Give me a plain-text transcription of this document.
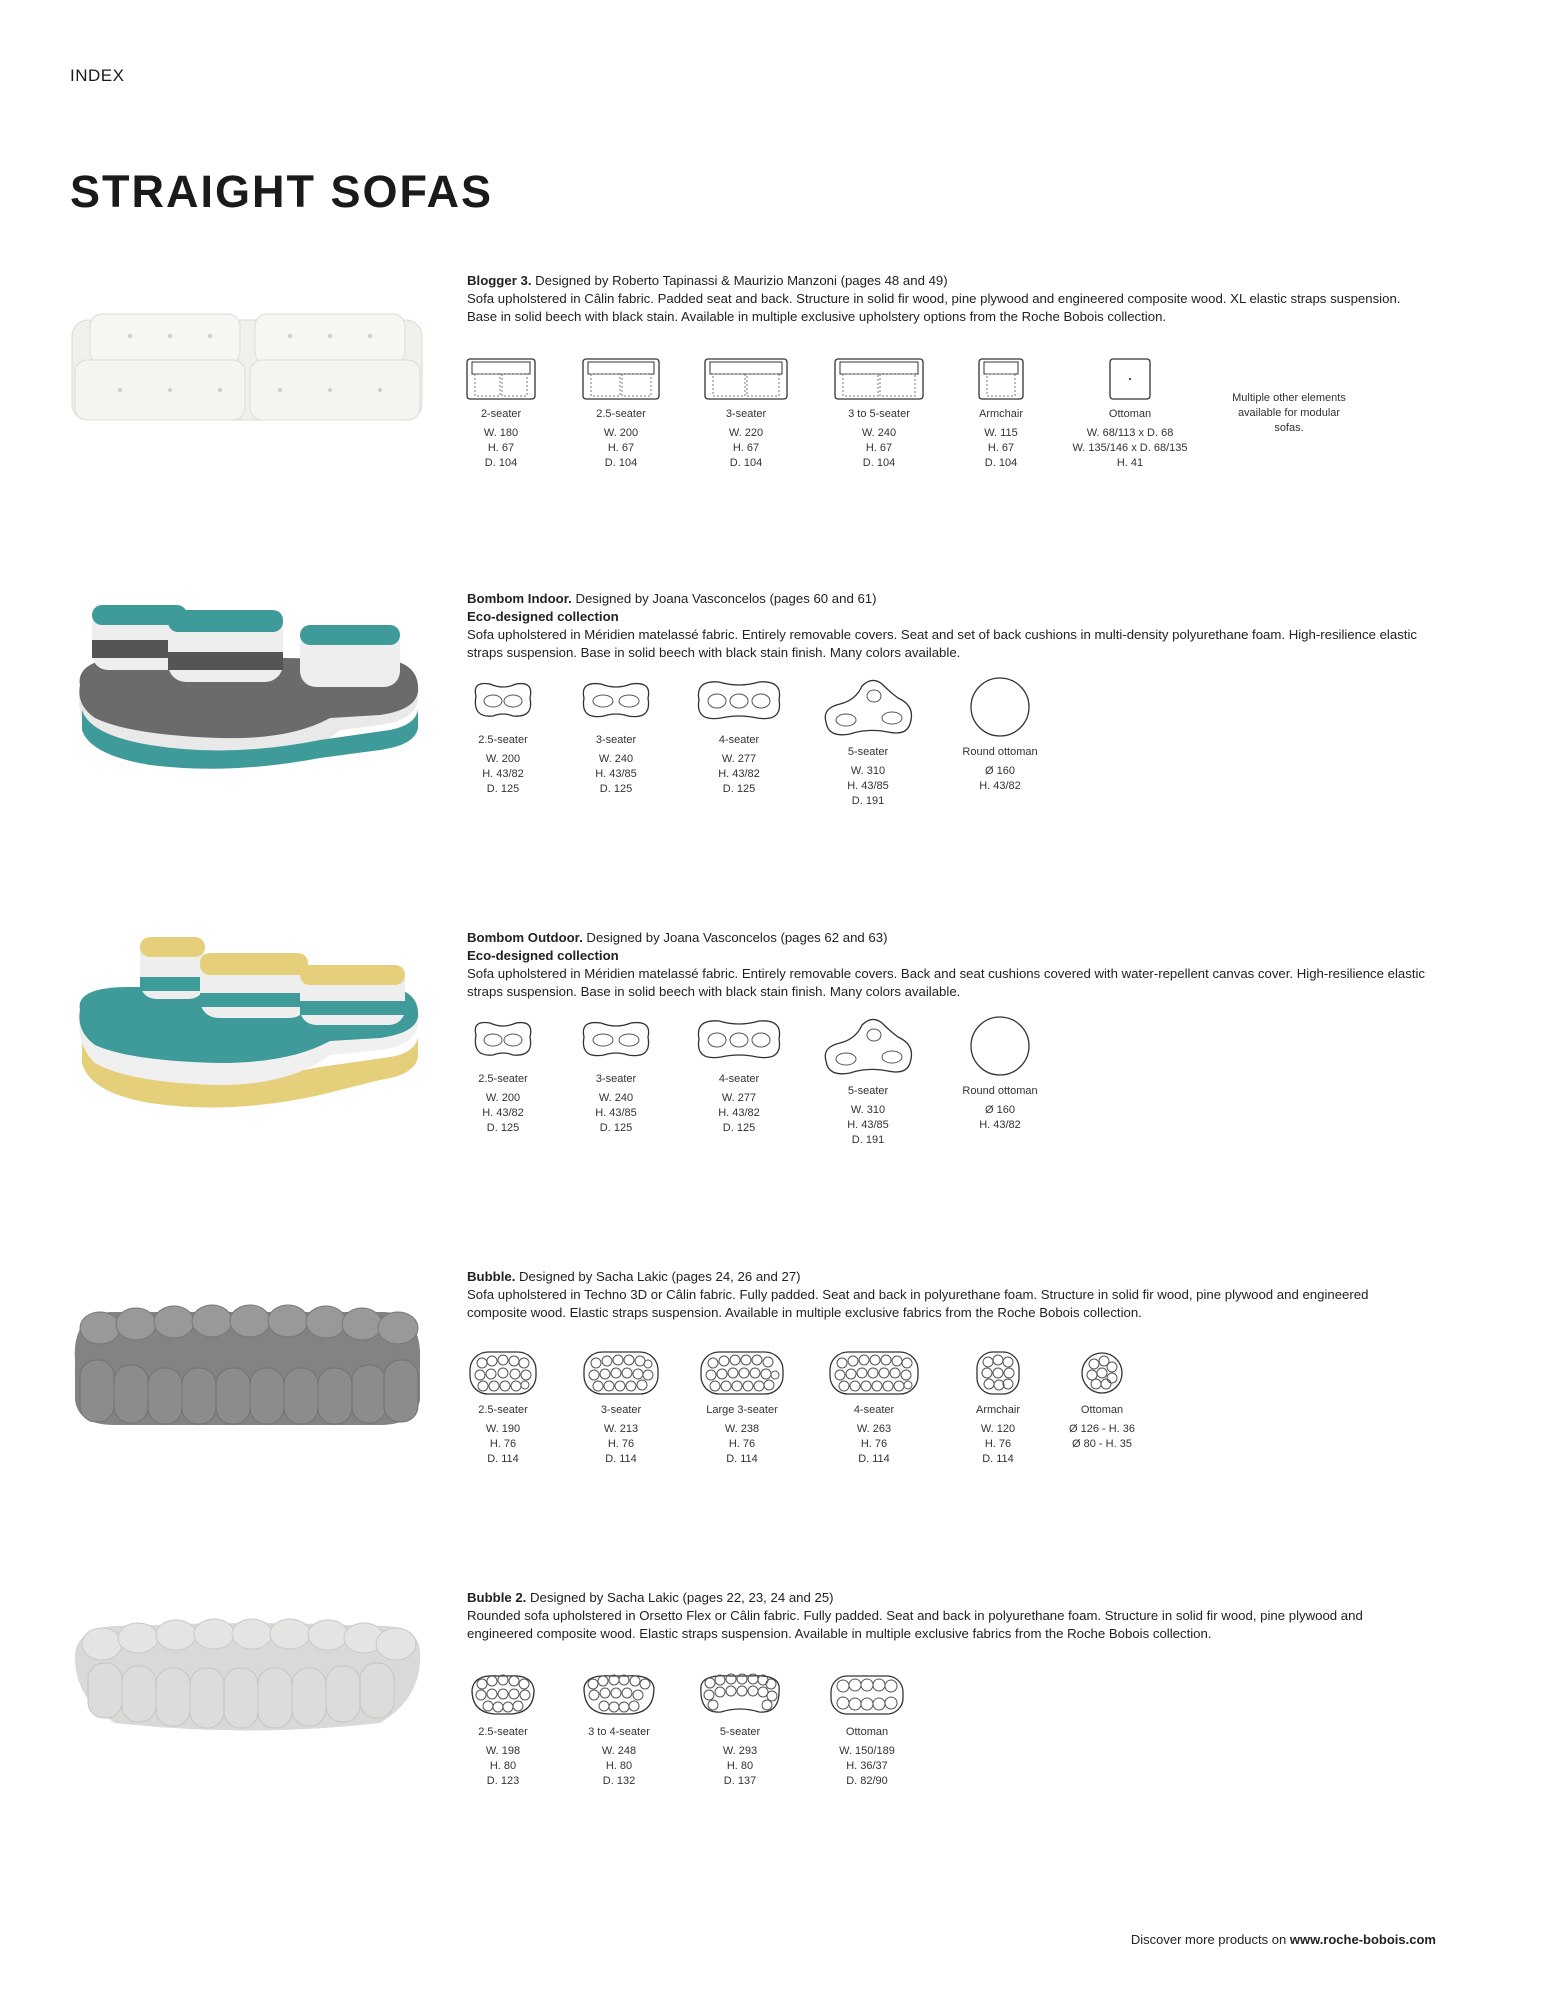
INDEX
STRAIGHT SOFAS
Blogger 3. Designed by Roberto Tapinassi & Maurizio Manzoni (pages 48 and 49)
Sofa upholstered in Câlin fabric. Padded seat and back. Structure in solid fir wood, pine plywood and engineered composite wood. XL elastic straps suspension. Base in solid beech with black stain. Available in multiple exclusive upholstery options from the Roche Bobois collection.
2-seater
W. 180
H. 67
D. 104
2.5-seater
W. 200
H. 67
D. 104
3-seater
W. 220
H. 67
D. 104
3 to 5-seater
W. 240
H. 67
D. 104
Armchair
W. 115
H. 67
D. 104
Ottoman
W. 68/113 x D. 68
W. 135/146 x D. 68/135
H. 41
Multiple other elements available for modular sofas.
Bombom Indoor. Designed by Joana Vasconcelos (pages 60 and 61)

Eco-designed collection
Sofa upholstered in Méridien matelassé fabric. Entirely removable covers. Seat and set of back cushions in multi-density polyurethane foam. High-resilience elastic straps suspension. Base in solid beech with black stain finish. Many colors available.
2.5-seater
W. 200
H. 43/82
D. 125
3-seater
W. 240
H. 43/85
D. 125
4-seater
W. 277
H. 43/82
D. 125
5-seater
W. 310
H. 43/85
D. 191
Round ottoman
Ø 160
H. 43/82
Bombom Outdoor. Designed by Joana Vasconcelos (pages 62 and 63)

Eco-designed collection
Sofa upholstered in Méridien matelassé fabric. Entirely removable covers. Back and seat cushions covered with water-repellent canvas cover. High-resilience elastic straps suspension. Base in solid beech with black stain finish. Many colors available.
2.5-seater
W. 200
H. 43/82
D. 125
3-seater
W. 240
H. 43/85
D. 125
4-seater
W. 277
H. 43/82
D. 125
5-seater
W. 310
H. 43/85
D. 191
Round ottoman
Ø 160
H. 43/82
Bubble. Designed by Sacha Lakic (pages 24, 26 and 27)
Sofa upholstered in Techno 3D or Câlin fabric. Fully padded. Seat and back in polyurethane foam. Structure in solid fir wood, pine plywood and engineered composite wood. Elastic straps suspension. Available in multiple exclusive fabrics from the Roche Bobois collection.
2.5-seater
W. 190
H. 76
D. 114
3-seater
W. 213
H. 76
D. 114
Large 3-seater
W. 238
H. 76
D. 114
4-seater
W. 263
H. 76
D. 114
Armchair
W. 120
H. 76
D. 114
Ottoman
Ø 126 - H. 36
Ø 80 - H. 35
Bubble 2. Designed by Sacha Lakic (pages 22, 23, 24 and 25)
Rounded sofa upholstered in Orsetto Flex or Câlin fabric. Fully padded. Seat and back in polyurethane foam. Structure in solid fir wood, pine plywood and engineered composite wood. Elastic straps suspension. Available in multiple exclusive fabrics from the Roche Bobois collection.
2.5-seater
W. 198
H. 80
D. 123
3 to 4-seater
W. 248
H. 80
D. 132
5-seater
W. 293
H. 80
D. 137
Ottoman
W. 150/189
H. 36/37
D. 82/90
Discover more products on www.roche-bobois.com
